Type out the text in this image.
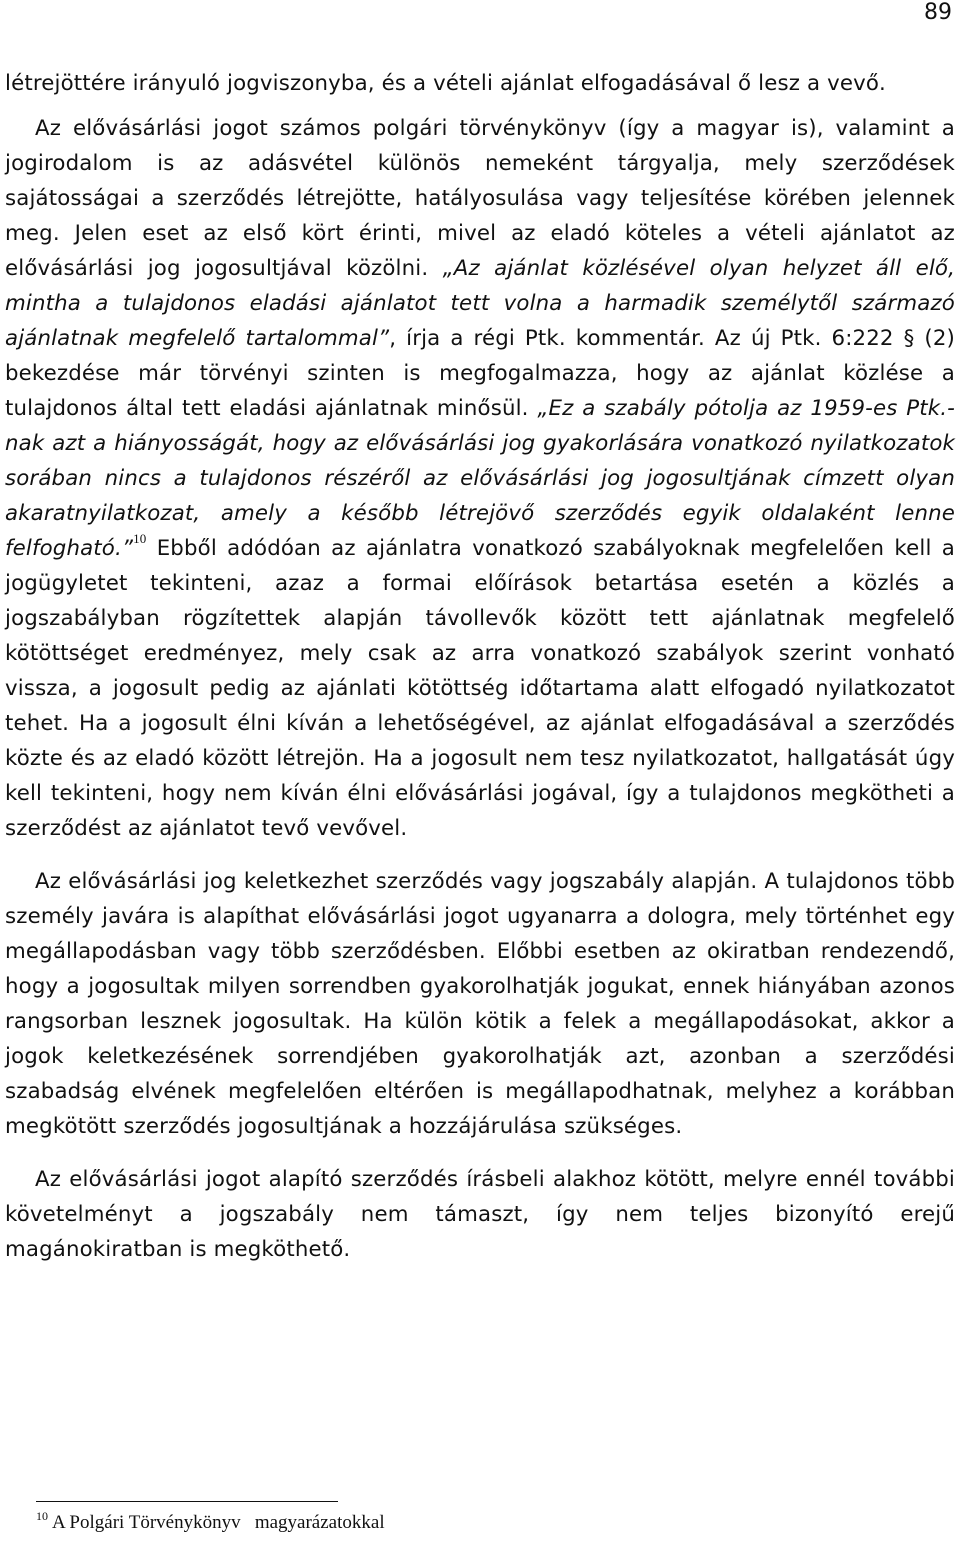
89

létrejöttére irányuló jogviszonyba, és a vételi ajánlat elfogadásával ő lesz a vevő.

Az elővásárlási jogot számos polgári törvénykönyv (így a magyar is), valamint a jogirodalom is az adásvétel különös nemeként tárgyalja, mely szerződések sajátosságai a szerződés létrejötte, hatályosulása vagy teljesítése körében jelennek meg. Jelen eset az első kört érinti, mivel az eladó köteles a vételi ajánlatot az elővásárlási jog jogosultjával közölni. „Az ajánlat közlésével olyan helyzet áll elő, mintha a tulajdonos eladási ajánlatot tett volna a harmadik személytől származó ajánlatnak megfelelő tartalommal”, írja a régi Ptk. kommentár. Az új Ptk. 6:222 § (2) bekezdése már törvényi szinten is megfogalmazza, hogy az ajánlat közlése a tulajdonos által tett eladási ajánlatnak minősül. „Ez a szabály pótolja az 1959-es Ptk.-nak azt a hiányosságát, hogy az elővásárlási jog gyakorlására vonatkozó nyilatkozatok sorában nincs a tulajdonos részéről az elővásárlási jog jogosultjának címzett olyan akaratnyilatkozat, amely a később létrejövő szerződés egyik oldalaként lenne felfogható.”$^{10}$ Ebből adódóan az ajánlatra vonatkozó szabályoknak megfelelően kell a jogügyletet tekinteni, azaz a formai előírások betartása esetén a közlés a jogszabályban rögzítettek alapján távollevők között tett ajánlatnak megfelelő kötöttséget eredményez, mely csak az arra vonatkozó szabályok szerint vonható vissza, a jogosult pedig az ajánlati kötöttség időtartama alatt elfogadó nyilatkozatot tehet. Ha a jogosult élni kíván a lehetőségével, az ajánlat elfogadásával a szerződés közte és az eladó között létrejön. Ha a jogosult nem tesz nyilatkozatot, hallgatását úgy kell tekinteni, hogy nem kíván élni elővásárlási jogával, így a tulajdonos megkötheti a szerződést az ajánlatot tevő vevővel.

Az elővásárlási jog keletkezhet szerződés vagy jogszabály alapján. A tulajdonos több személy javára is alapíthat elővásárlási jogot ugyanarra a dologra, mely történhet egy megállapodásban vagy több szerződésben. Előbbi esetben az okiratban rendezendő, hogy a jogosultak milyen sorrendben gyakorolhatják jogukat, ennek hiányában azonos rangsorban lesznek jogosultak. Ha külön kötik a felek a megállapodásokat, akkor a jogok keletkezésének sorrendjében gyakorolhatják azt, azonban a szerződési szabadság elvének megfelelően eltérően is megállapodhatnak, melyhez a korábban megkötött szerződés jogosultjának a hozzájárulása szükséges.

Az elővásárlási jogot alapító szerződés írásbeli alakhoz kötött, melyre ennél további követelményt a jogszabály nem támaszt, így nem teljes bizonyító erejű magánokiratban is megköthető.

$^{10}$ A Polgári Törvénykönyv   magyarázatokkal
